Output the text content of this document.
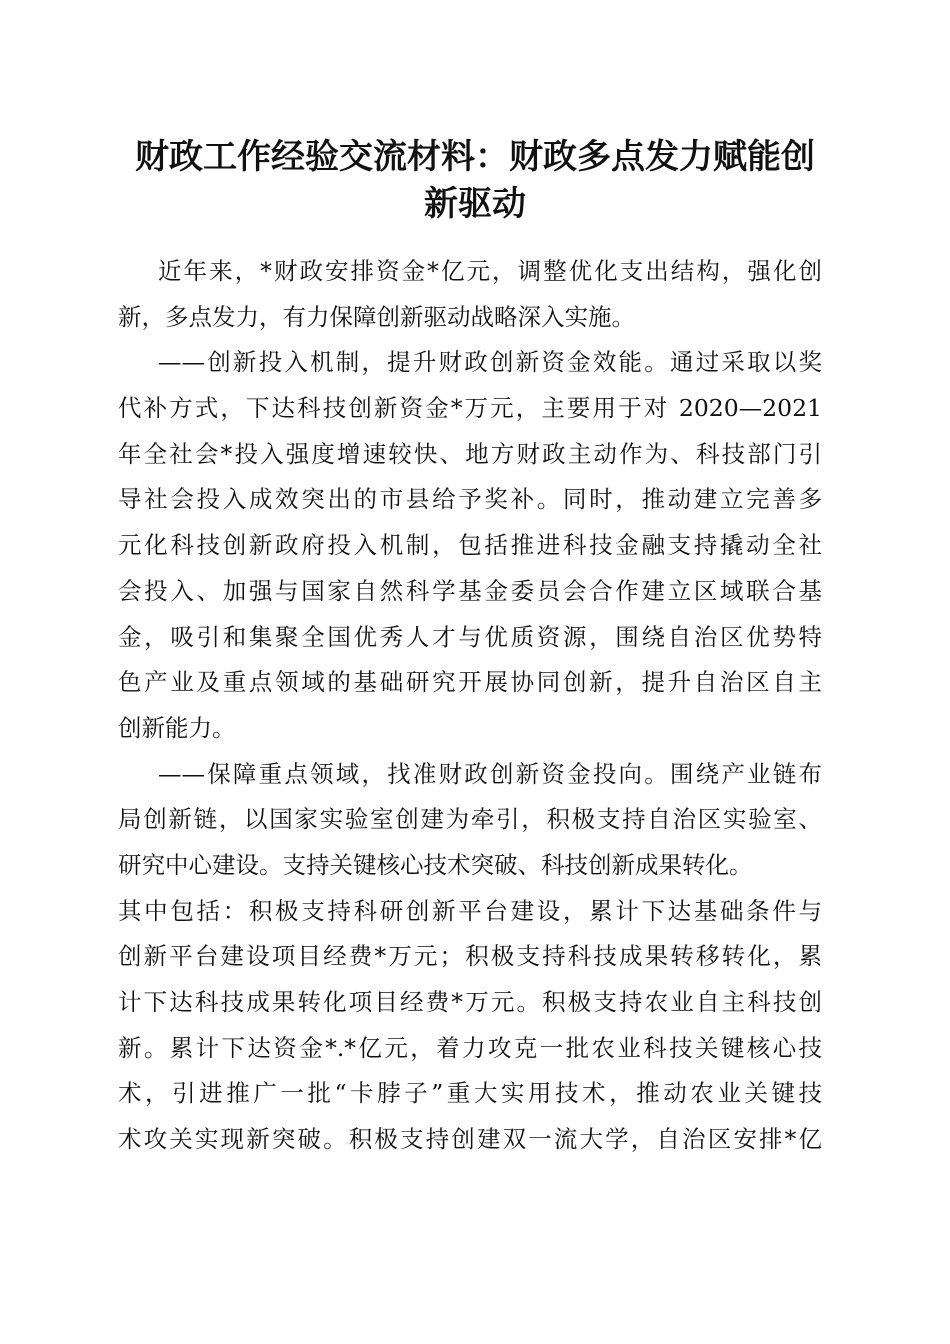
财政工作经验交流材料：财政多点发力赋能创
新驱动
近年来，*财政安排资金*亿元，调整优化支出结构，强化创
新，多点发力，有力保障创新驱动战略深入实施。
——创新投入机制，提升财政创新资金效能。通过采取以奖
代补方式，下达科技创新资金*万元，主要用于对 2020—2021
年全社会*投入强度增速较快、地方财政主动作为、科技部门引
导社会投入成效突出的市县给予奖补。同时，推动建立完善多
元化科技创新政府投入机制，包括推进科技金融支持撬动全社
会投入、加强与国家自然科学基金委员会合作建立区域联合基
金，吸引和集聚全国优秀人才与优质资源，围绕自治区优势特
色产业及重点领域的基础研究开展协同创新，提升自治区自主
创新能力。
——保障重点领域，找准财政创新资金投向。围绕产业链布
局创新链，以国家实验室创建为牵引，积极支持自治区实验室、
研究中心建设。支持关键核心技术突破、科技创新成果转化。
其中包括：积极支持科研创新平台建设，累计下达基础条件与
创新平台建设项目经费*万元；积极支持科技成果转移转化，累
计下达科技成果转化项目经费*万元。积极支持农业自主科技创
新。累计下达资金*.*亿元，着力攻克一批农业科技关键核心技
术，引进推广一批“卡脖子”重大实用技术，推动农业关键技
术攻关实现新突破。积极支持创建双一流大学，自治区安排*亿
